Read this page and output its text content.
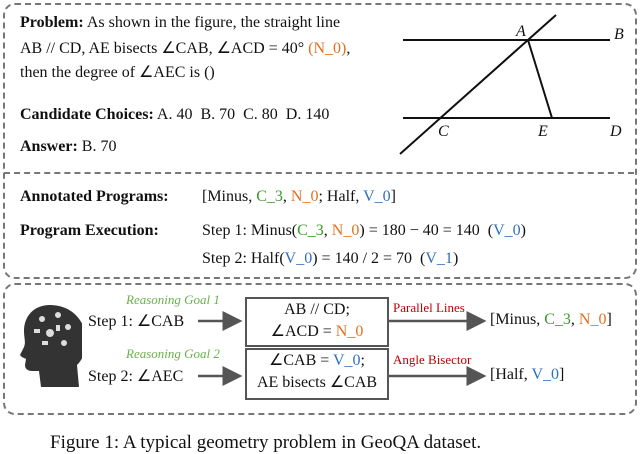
Problem: As shown in the figure, the straight line
AB // CD, AE bisects ∠CAB, ∠ACD = 40° (N_0),
then the degree of ∠AEC is ()
Candidate Choices: A. 40  B. 70  C. 80  D. 140
Answer: B. 70
A	B
C	D
E
Annotated Programs: [Minus, C_3, N_0; Half, V_0]
Program Execution:	Step 1: Minus(C_3, N_0) = 180 − 40 = 140  (V_0)
Step 2: Half(V_0) = 140 / 2 = 70  (V_1)
Reasoning Goal 1
Step 1: ∠CAB
Reasoning Goal 2
Step 2: ∠AEC
AB // CD;
∠ACD = N_0
∠CAB = V_0;
AE bisects ∠CAB
Parallel Lines
Angle Bisector
[Minus, C_3, N_0]
[Half, V_0]
Figure 1: A typical geometry problem in GeoQA dataset.
